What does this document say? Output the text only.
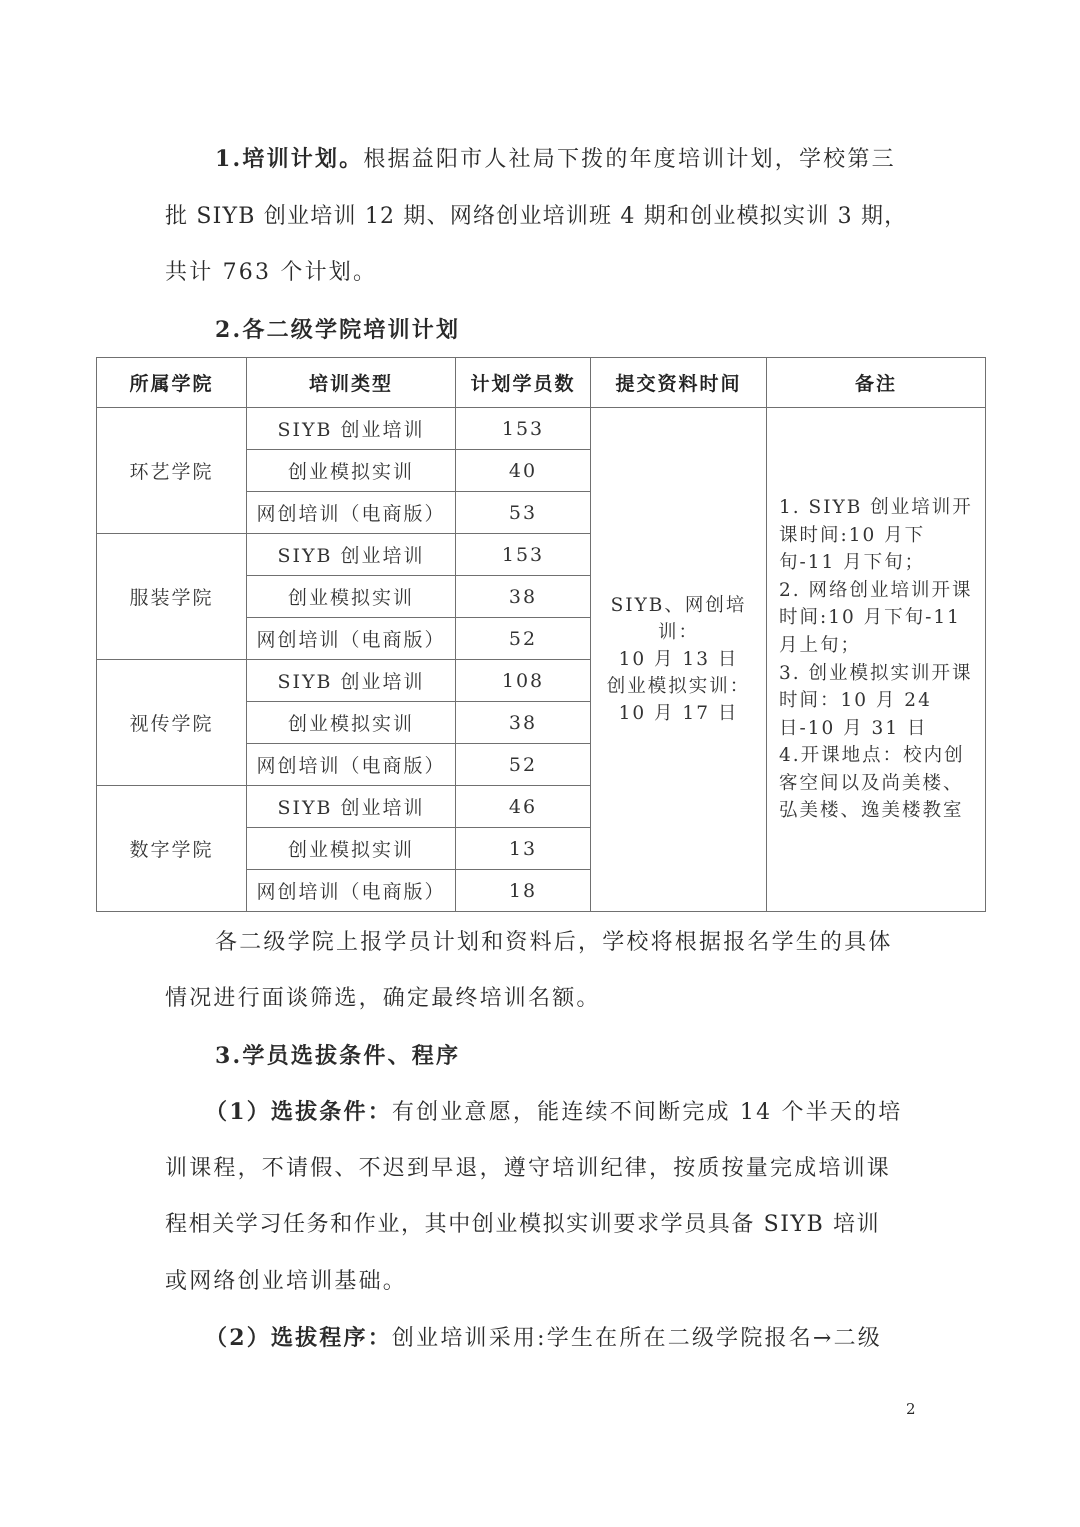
1.培训计划。根据益阳市人社局下拨的年度培训计划，学校第三
批 SIYB 创业培训 12 期、网络创业培训班 4 期和创业模拟实训 3 期，
共计 763 个计划。
2.各二级学院培训计划
所属学院	培训类型	计划学员数	提交资料时间	备注
环艺学院	SIYB 创业培训	153	SIYB、网创培训：
10 月 13 日
创业模拟实训：
10 月 17 日	1. SIYB 创业培训开课时间:10 月下旬-11 月下旬；
2. 网络创业培训开课时间:10 月下旬-11 月上旬；
3. 创业模拟实训开课时间：10 月 24 日-10 月 31 日
4.开课地点：校内创客空间以及尚美楼、弘美楼、逸美楼教室

	创业模拟实训	40		
	网创培训（电商版）	53		
服装学院	SIYB 创业培训	153		
	创业模拟实训	38		
	网创培训（电商版）	52		
视传学院	SIYB 创业培训	108		
	创业模拟实训	38		
	网创培训（电商版）	52		
数字学院	SIYB 创业培训	46		
	创业模拟实训	13		
	网创培训（电商版）	18		
各二级学院上报学员计划和资料后，学校将根据报名学生的具体
情况进行面谈筛选，确定最终培训名额。
3.学员选拔条件、程序
（1）选拔条件：有创业意愿，能连续不间断完成 14 个半天的培
训课程，不请假、不迟到早退，遵守培训纪律，按质按量完成培训课
程相关学习任务和作业，其中创业模拟实训要求学员具备 SIYB 培训
或网络创业培训基础。
（2）选拔程序：创业培训采用:学生在所在二级学院报名→二级
2
